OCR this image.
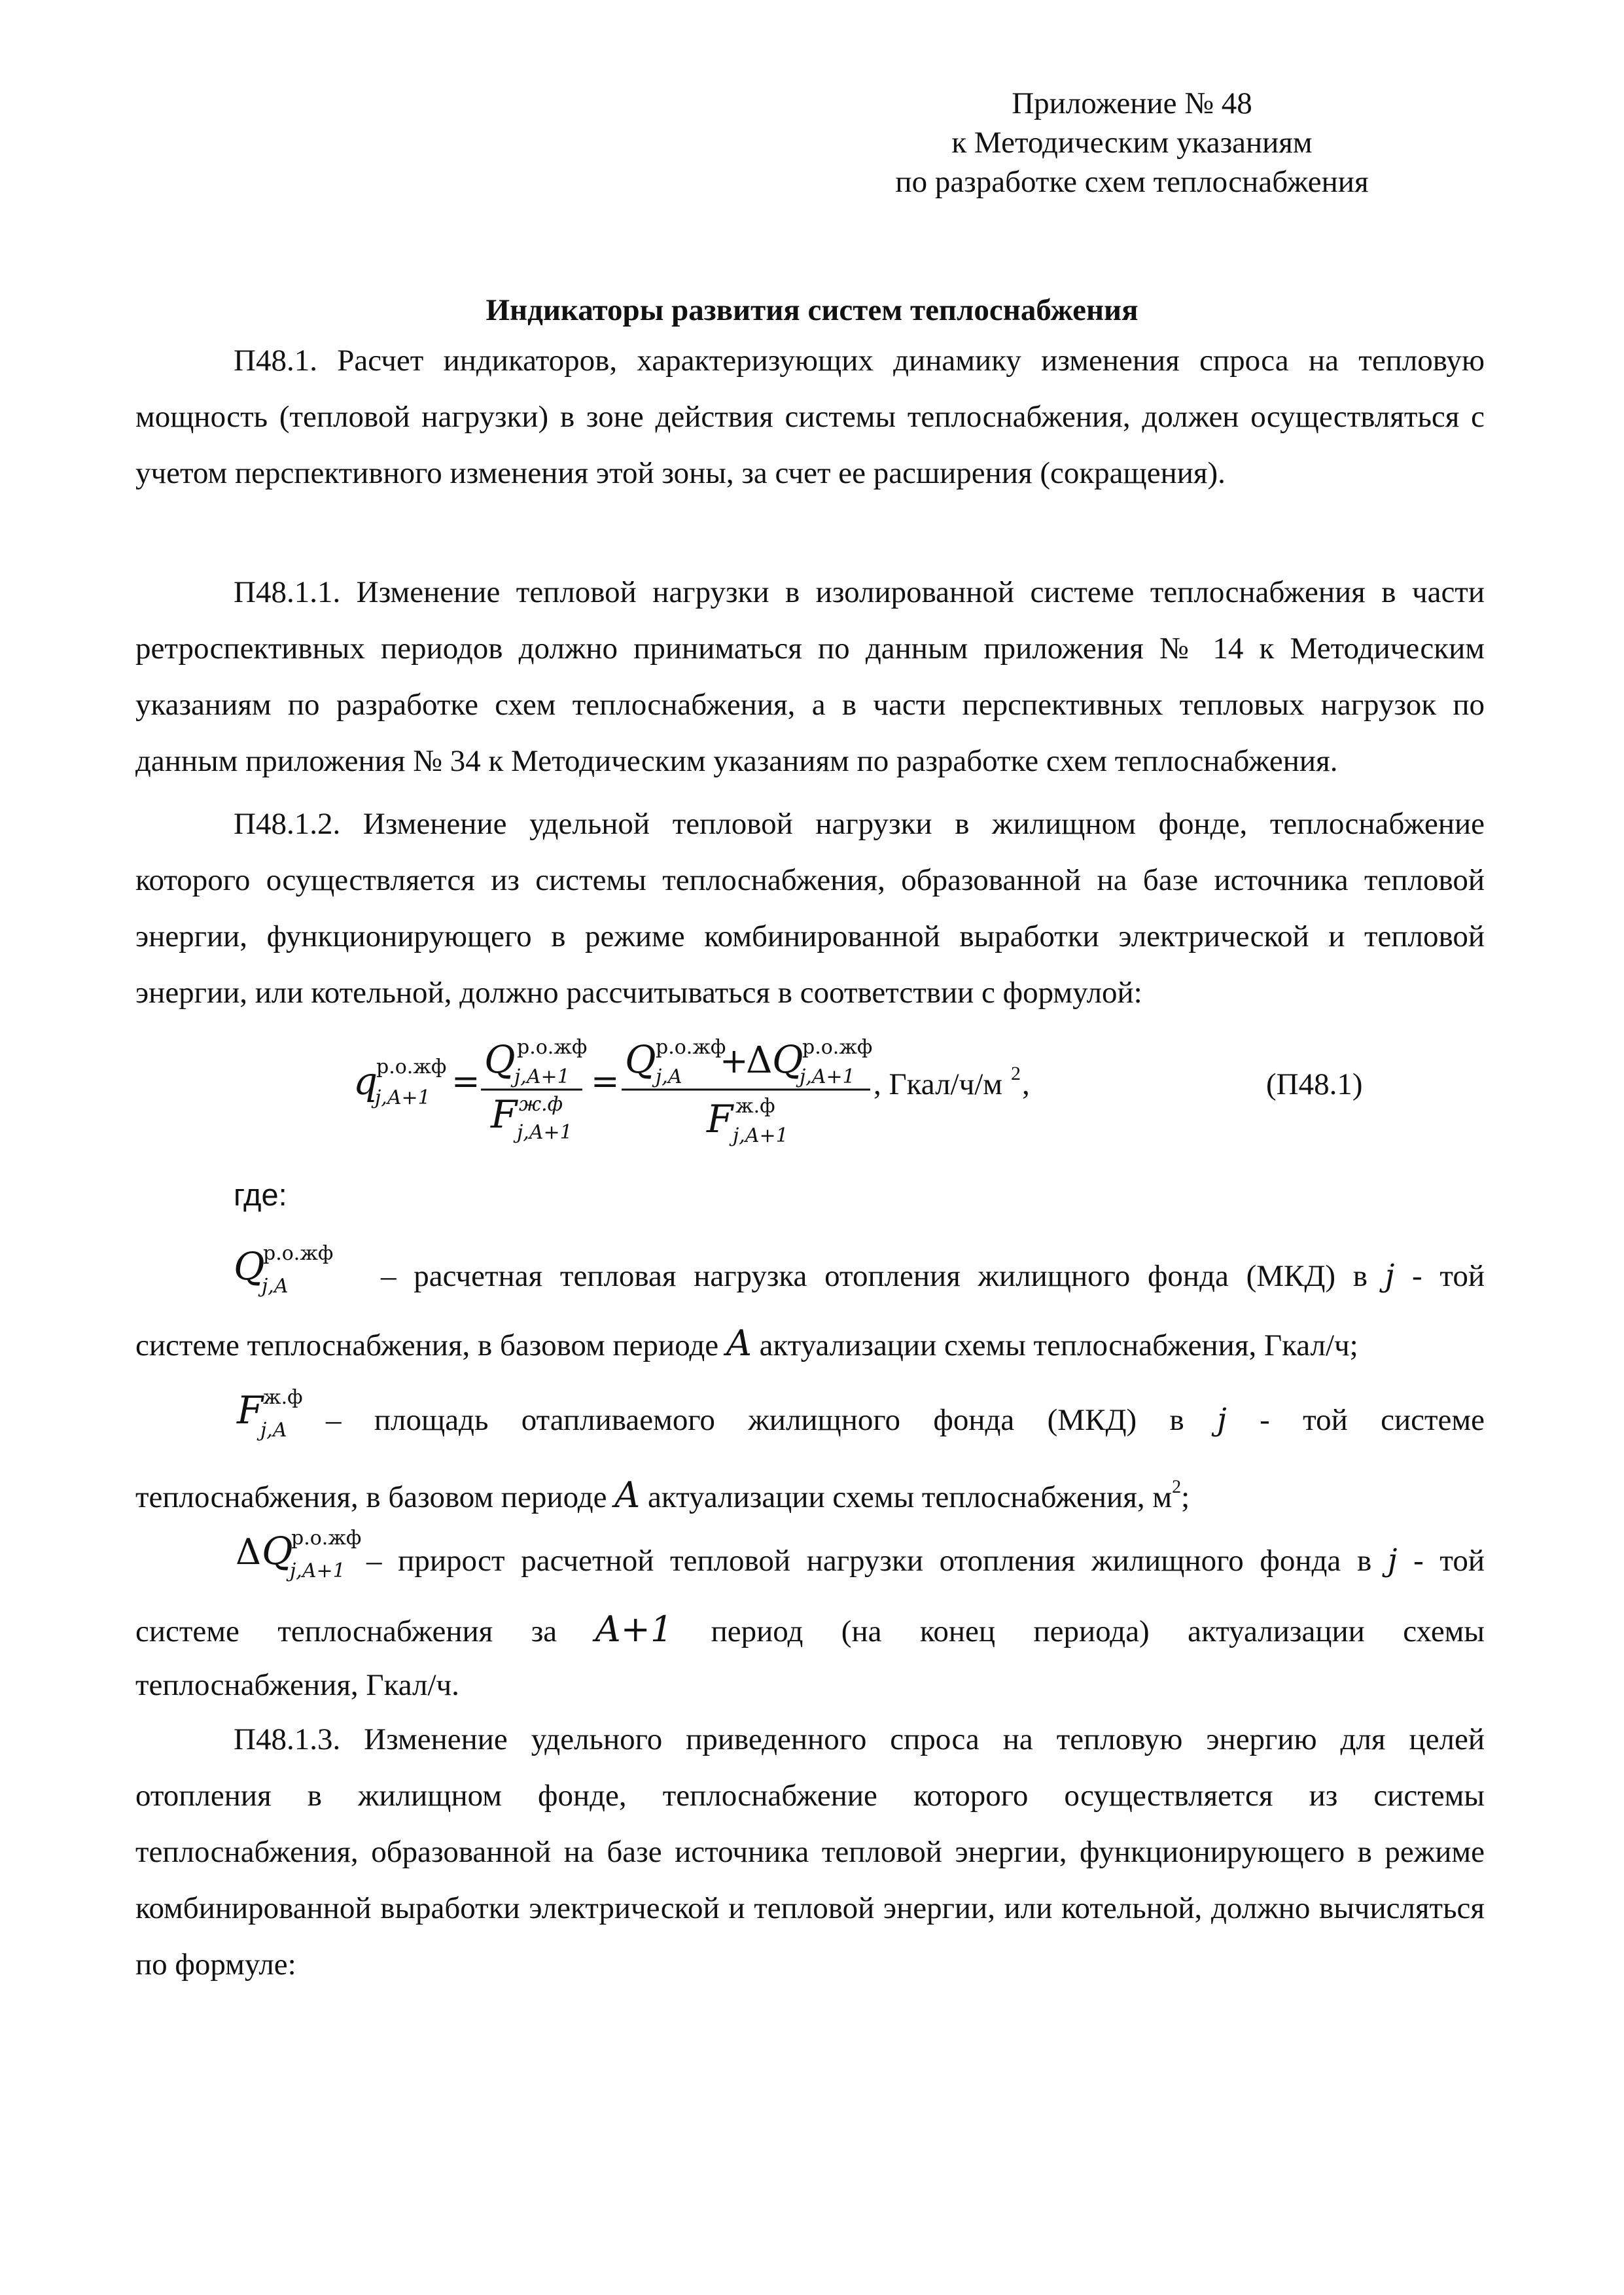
Приложение № 48
к Методическим указаниям
по разработке схем теплоснабжения
Индикаторы развития систем теплоснабжения
П48.1. Расчет индикаторов, характеризующих динамику изменения спроса на тепловую мощность (тепловой нагрузки) в зоне действия системы теплоснабжения, должен осуществляться с учетом перспективного изменения этой зоны, за счет ее расширения (сокращения).
П48.1.1. Изменение тепловой нагрузки в изолированной системе теплоснабжения в части ретроспективных периодов должно приниматься по данным приложения № 14 к Методическим указаниям по разработке схем теплоснабжения, а в части перспективных тепловых нагрузок по данным приложения № 34 к Методическим указаниям по разработке схем теплоснабжения.
П48.1.2. Изменение удельной тепловой нагрузки в жилищном фонде, теплоснабжение которого осуществляется из системы теплоснабжения, образованной на базе источника тепловой энергии, функционирующего в режиме комбинированной выработки электрической и тепловой энергии, или котельной, должно рассчитываться в соответствии с формулой:
q
р.о.жф
j,A+1 = Q р.о.жф
j,A+1
F ж.ф
j,A+1
= Q р.о.жф
j,A +
Δ Q
р.о.жф
j,A+1
F ж.ф
j,A+1
, Гкал/ч/м 2 ,	(П48.1)
где:
Q
р.о.жф
j,A	– расчетная тепловая нагрузка отопления жилищного фонда (МКД) в j - той
системе теплоснабжения, в базовом периоде A актуализации схемы теплоснабжения, Гкал/ч;
F ж.ф
j,A – площадь отапливаемого жилищного фонда (МКД) в j - той системе
теплоснабжения, в базовом периоде A актуализации схемы теплоснабжения, $м^2$;
Δ Q
р.о.жф
j,A+1 – прирост расчетной тепловой нагрузки отопления жилищного фонда в j - той
системе теплоснабжения за A+1 период (на конец периода) актуализации схемы
теплоснабжения, Гкал/ч.
П48.1.3. Изменение удельного приведенного спроса на тепловую энергию для целей отопления в жилищном фонде, теплоснабжение которого осуществляется из системы теплоснабжения, образованной на базе источника тепловой энергии, функционирующего в режиме комбинированной выработки электрической и тепловой энергии, или котельной, должно вычисляться по формуле:
